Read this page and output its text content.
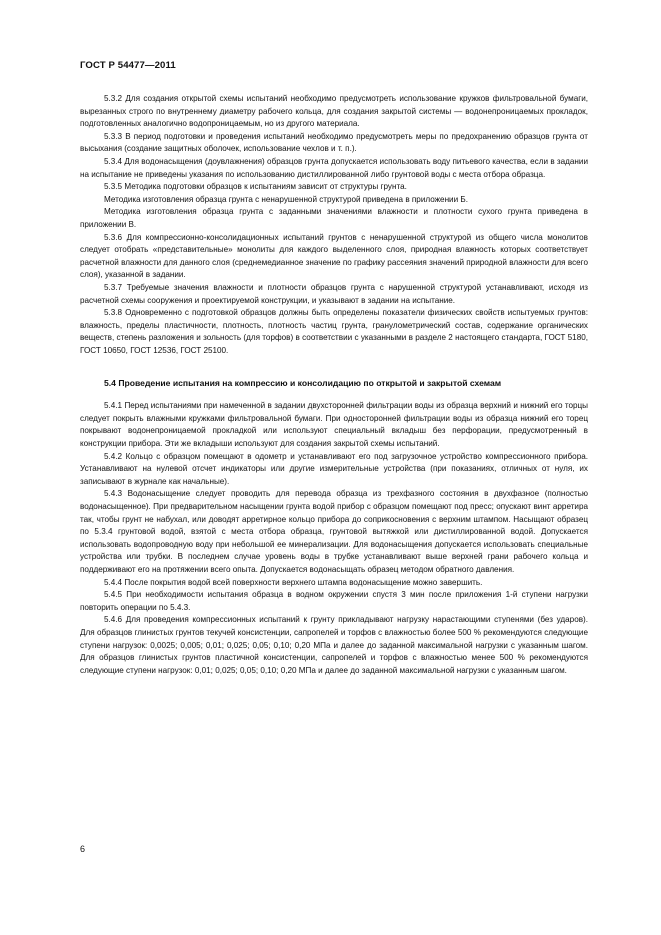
ГОСТ Р 54477—2011

5.3.2 Для создания открытой схемы испытаний необходимо предусмотреть использование кружков фильтровальной бумаги, вырезанных строго по внутреннему диаметру рабочего кольца, для создания закрытой системы — водонепроницаемых прокладок, подготовленных аналогично водопроницаемым, но из другого материала.

5.3.3 В период подготовки и проведения испытаний необходимо предусмотреть меры по предохранению образцов грунта от высыхания (создание защитных оболочек, использование чехлов и т. п.).

5.3.4 Для водонасыщения (доувлажнения) образцов грунта допускается использовать воду питьевого качества, если в задании на испытание не приведены указания по использованию дистиллированной либо грунтовой воды с места отбора образца.

5.3.5 Методика подготовки образцов к испытаниям зависит от структуры грунта.

Методика изготовления образца грунта с ненарушенной структурой приведена в приложении Б.

Методика изготовления образца грунта с заданными значениями влажности и плотности сухого грунта приведена в приложении В.

5.3.6 Для компрессионно-консолидационных испытаний грунтов с ненарушенной структурой из общего числа монолитов следует отобрать «представительные» монолиты для каждого выделенного слоя, природная влажность которых соответствует расчетной влажности для данного слоя (среднемедианное значение по графику рассеяния значений природной влажности для всего слоя), указанной в задании.

5.3.7 Требуемые значения влажности и плотности образцов грунта с нарушенной структурой устанавливают, исходя из расчетной схемы сооружения и проектируемой конструкции, и указывают в задании на испытание.

5.3.8 Одновременно с подготовкой образцов должны быть определены показатели физических свойств испытуемых грунтов: влажность, пределы пластичности, плотность, плотность частиц грунта, гранулометрический состав, содержание органических веществ, степень разложения и зольность (для торфов) в соответствии с указанными в разделе 2 настоящего стандарта, ГОСТ 5180, ГОСТ 10650, ГОСТ 12536, ГОСТ 25100.

5.4 Проведение испытания на компрессию и консолидацию по открытой и закрытой схемам

5.4.1 Перед испытаниями при намеченной в задании двухсторонней фильтрации воды из образца верхний и нижний его торцы следует покрыть влажными кружками фильтровальной бумаги. При односторонней фильтрации воды из образца нижний его торец покрывают водонепроницаемой прокладкой или используют специальный вкладыш без перфорации, предусмотренный в конструкции прибора. Эти же вкладыши используют для создания закрытой схемы испытаний.

5.4.2 Кольцо с образцом помещают в одометр и устанавливают его под загрузочное устройство компрессионного прибора. Устанавливают на нулевой отсчет индикаторы или другие измерительные устройства (при показаниях, отличных от нуля, их записывают в журнале как начальные).

5.4.3 Водонасыщение следует проводить для перевода образца из трехфазного состояния в двухфазное (полностью водонасыщенное). При предварительном насыщении грунта водой прибор с образцом помещают под пресс; опускают винт арретира так, чтобы грунт не набухал, или доводят арретирное кольцо прибора до соприкосновения с верхним штампом. Насыщают образец по 5.3.4 грунтовой водой, взятой с места отбора образца, грунтовой вытяжкой или дистиллированной водой. Допускается использовать водопроводную воду при небольшой ее минерализации. Для водонасыщения допускается использовать специальные устройства или трубки. В последнем случае уровень воды в трубке устанавливают выше верхней грани рабочего кольца и поддерживают его на протяжении всего опыта. Допускается водонасыщать образец методом обратного давления.

5.4.4 После покрытия водой всей поверхности верхнего штампа водонасыщение можно завершить.

5.4.5 При необходимости испытания образца в водном окружении спустя 3 мин после приложения 1-й ступени нагрузки повторить операции по 5.4.3.

5.4.6 Для проведения компрессионных испытаний к грунту прикладывают нагрузку нарастающими ступенями (без ударов). Для образцов глинистых грунтов текучей консистенции, сапропелей и торфов с влажностью более 500 % рекомендуются следующие ступени нагрузок: 0,0025; 0,005; 0,01; 0,025; 0,05; 0,10; 0,20 МПа и далее до заданной максимальной нагрузки с указанным шагом. Для образцов глинистых грунтов пластичной консистенции, сапропелей и торфов с влажностью менее 500 % рекомендуются следующие ступени нагрузок: 0,01; 0,025; 0,05; 0,10; 0,20 МПа и далее до заданной максимальной нагрузки с указанным шагом.

6
